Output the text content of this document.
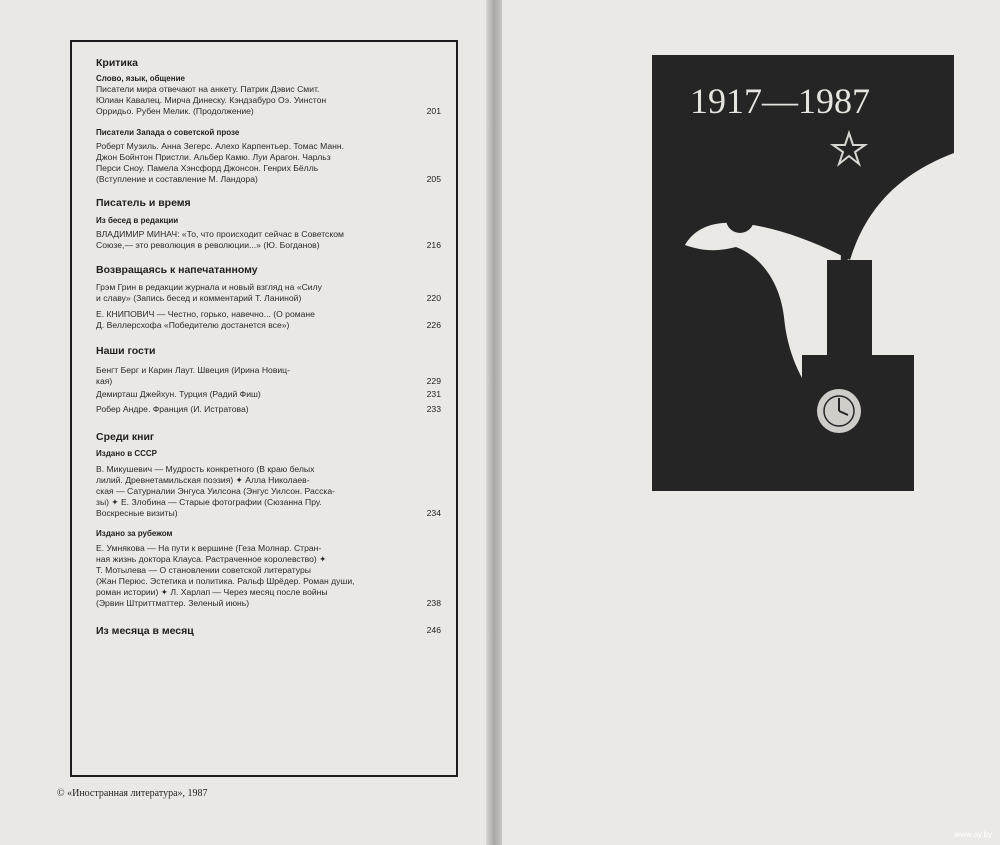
Критика

Слово, язык, общение

Писатели мира отвечают на анкету. Патрик Дэвис Смит.

Юлиан Кавалец. Мирча Динеску. Кэндзабуро Оэ. Уинстон

Орридьо. Рубен Мелик. (Продолжение)	201

Писатели Запада о советской прозе

Роберт Музиль. Анна Зегерс. Алехо Карпентьер. Томас Манн.

Джон Бойнтон Пристли. Альбер Камю. Луи Арагон. Чарльз

Перси Сноу. Памела Хэнсфорд Джонсон. Генрих Бёлль

(Вступление и составление М. Ландора)	205

Писатель и время

Из бесед в редакции

ВЛАДИМИР МИНАЧ: «То, что происходит сейчас в Советском

Союзе,— это революция в революции...» (Ю. Богданов)	216

Возвращаясь к напечатанному

Грэм Грин в редакции журнала и новый взгляд на «Силу

и славу» (Запись бесед и комментарий Т. Ланиной)	220

Е. КНИПОВИЧ — Честно, горько, навечно... (О романе

Д. Веллерсхофа «Победителю достанется все»)	226

Наши гости

Бенгт Берг и Карин Лаут. Швеция (Ирина Новиц-

кая)	229

Демирташ Джейхун. Турция (Радий Фиш)	231

Робер Андре. Франция (И. Истратова)	233

Среди книг

Издано в СССР

В. Микушевич — Мудрость конкретного (В краю белых

лилий. Древнетамильская поэзия) ✦ Алла Николаев-

ская — Сатурналии Энгуса Уилсона (Энгус Уилсон. Расска-

зы) ✦ Е. Злобина — Старые фотографии (Сюзанна Пру.

Воскресные визиты)	234

Издано за рубежом

Е. Умнякова — На пути к вершине (Геза Молнар. Стран-

ная жизнь доктора Клауса. Растраченное королевство) ✦

Т. Мотылева — О становлении советской литературы

(Жан Перюс. Эстетика и политика. Ральф Шрёдер. Роман души,

роман истории) ✦ Л. Харлап — Через месяц после войны

(Эрвин Штриттматтер. Зеленый июнь)	238

Из месяца в месяц	246

© «Иностранная литература», 1987

1917—1987
www.ay.by
